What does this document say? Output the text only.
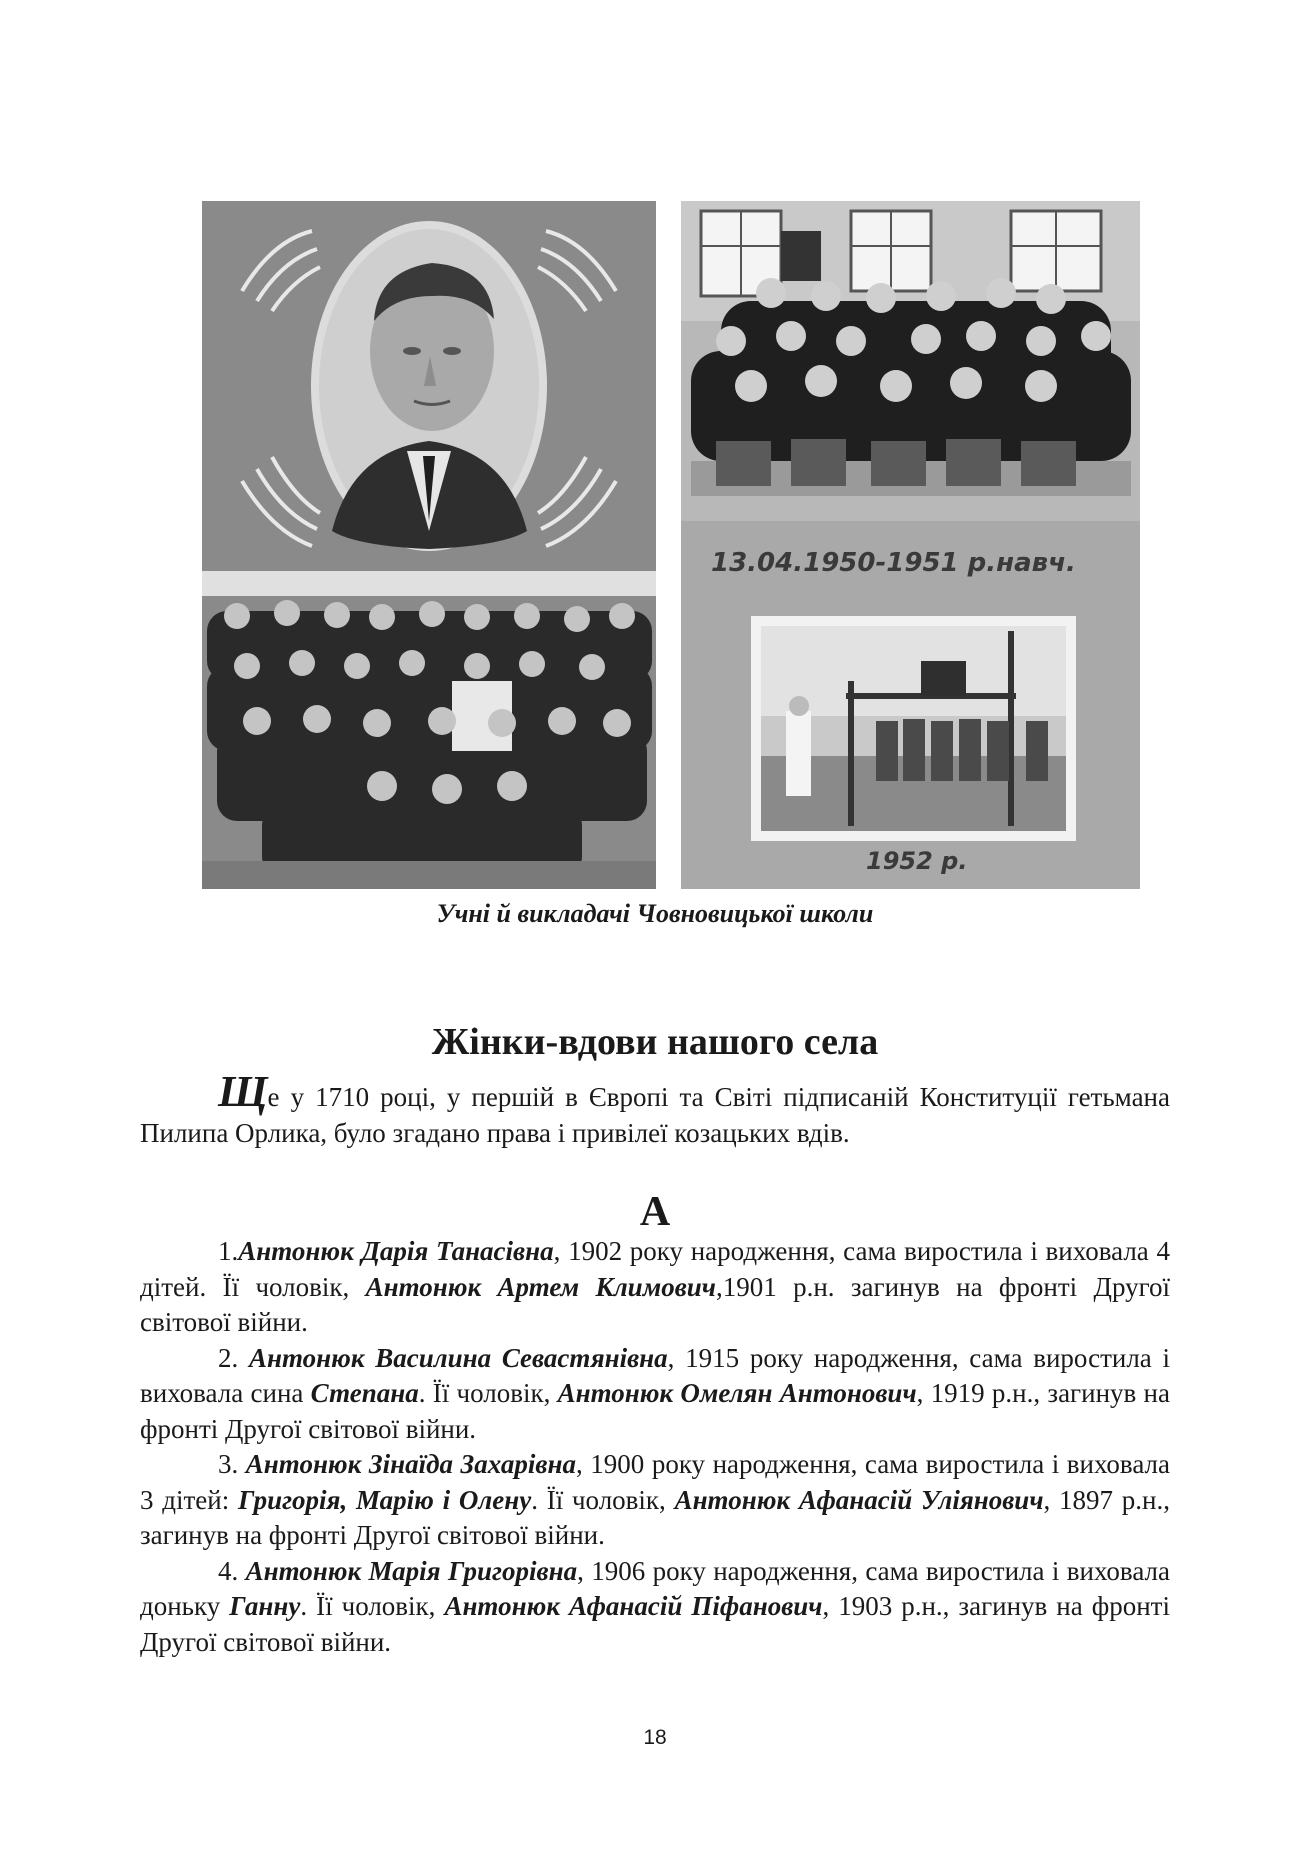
13.04.1950-1951 р.навч.
1952 р.
Учні й викладачі Човновицької школи
Жінки-вдови нашого села

Ще у 1710 році, у першій в Європі та Світі підписаній Конституції гетьмана Пилипа Орлика, було згадано права і привілеї козацьких вдів.

А

1.Антонюк Дарія Танасівна, 1902 року народження, сама виростила і виховала 4 дітей. Її чоловік, Антонюк Артем Климович,1901 р.н. загинув на фронті Другої світової війни.

2. Антонюк Василина Севастянівна, 1915 року народження, сама виростила і виховала сина Степана. Її чоловік, Антонюк Омелян Антонович, 1919 р.н., загинув на фронті Другої світової війни.

3. Антонюк Зінаїда Захарівна, 1900 року народження, сама виростила і виховала 3 дітей: Григорія, Марію і Олену. Її чоловік, Антонюк Афанасій Уліянович, 1897 р.н., загинув на фронті Другої світової війни.

4. Антонюк Марія Григорівна, 1906 року народження, сама виростила і виховала доньку Ганну. Її чоловік, Антонюк Афанасій Піфанович, 1903 р.н., загинув на фронті Другої світової війни.

18
